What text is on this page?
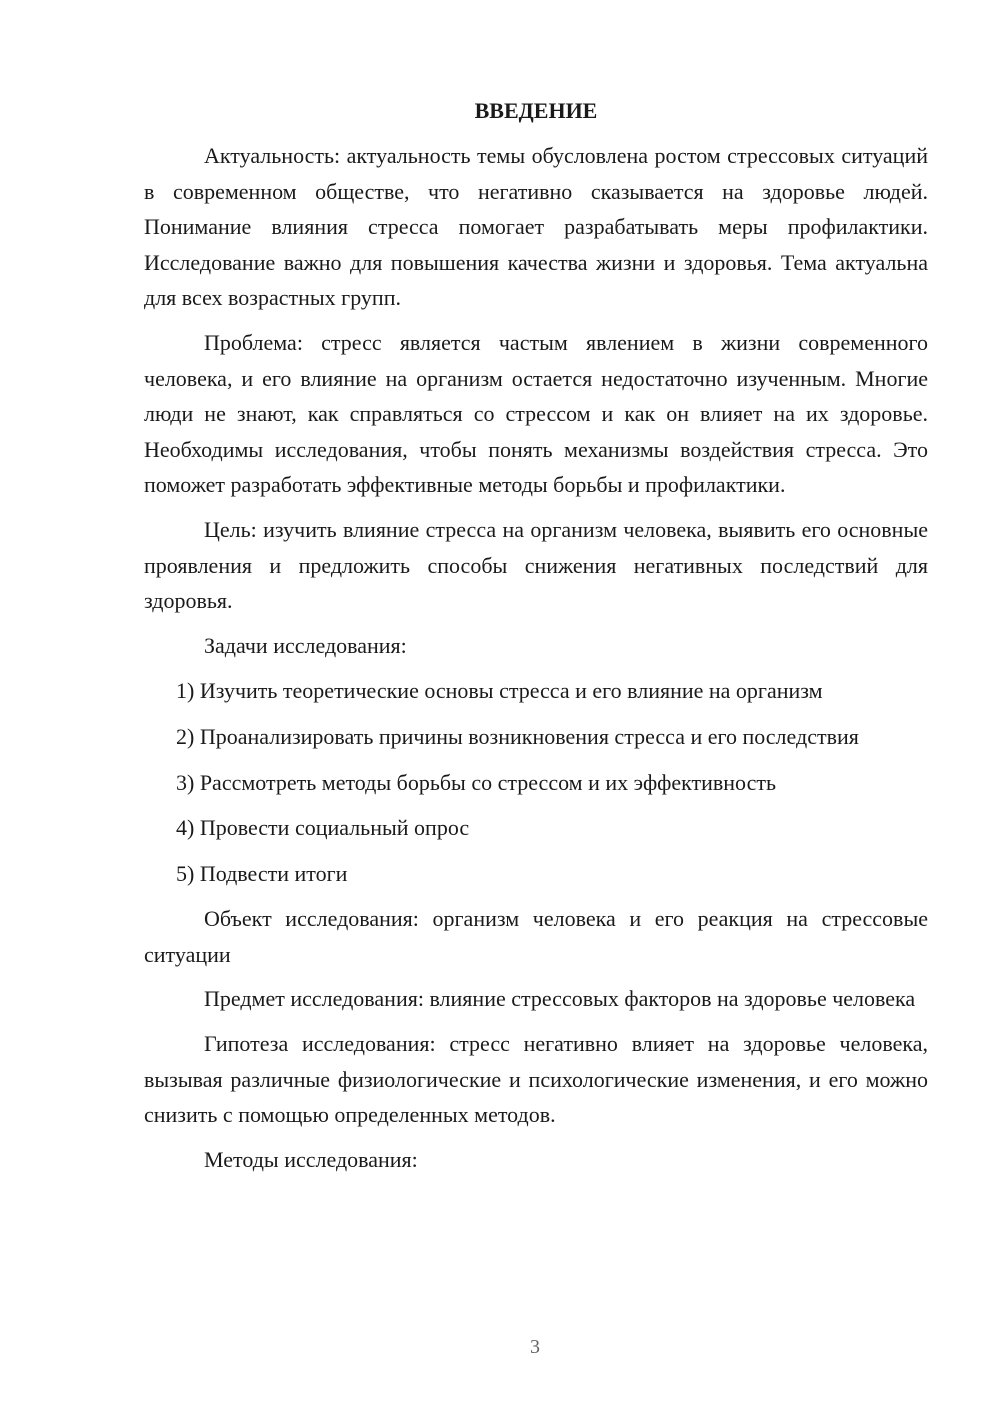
ВВЕДЕНИЕ

Актуальность: актуальность темы обусловлена ростом стрессовых ситуаций в современном обществе, что негативно сказывается на здоровье людей. Понимание влияния стресса помогает разрабатывать меры профилактики. Исследование важно для повышения качества жизни и здоровья. Тема актуальна для всех возрастных групп.

Проблема: стресс является частым явлением в жизни современного человека, и его влияние на организм остается недостаточно изученным. Многие люди не знают, как справляться со стрессом и как он влияет на их здоровье. Необходимы исследования, чтобы понять механизмы воздействия стресса. Это поможет разработать эффективные методы борьбы и профилактики.

Цель: изучить влияние стресса на организм человека, выявить его основные проявления и предложить способы снижения негативных последствий для здоровья.

Задачи исследования:

1) Изучить теоретические основы стресса и его влияние на организм

2) Проанализировать причины возникновения стресса и его последствия

3) Рассмотреть методы борьбы со стрессом и их эффективность

4) Провести социальный опрос

5) Подвести итоги

Объект исследования: организм человека и его реакция на стрессовые ситуации

Предмет исследования: влияние стрессовых факторов на здоровье человека

Гипотеза исследования: стресс негативно влияет на здоровье человека, вызывая различные физиологические и психологические изменения, и его можно снизить с помощью определенных методов.

Методы исследования:

3
